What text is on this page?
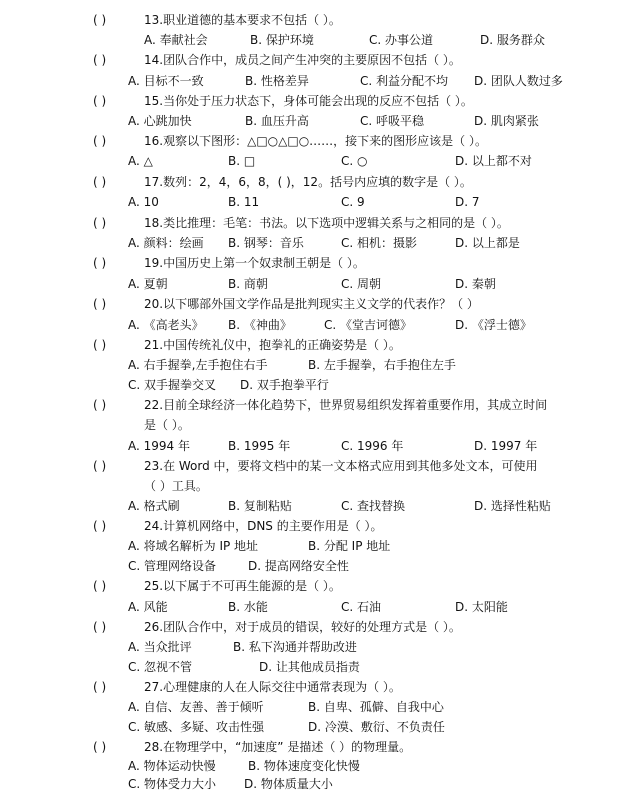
( )	13.职业道德的基本要求不包括（ ）。
A. 奉献社会	B. 保护环境	C. 办事公道	D. 服务群众
( )	14.团队合作中，成员之间产生冲突的主要原因不包括（ ）。
A. 目标不一致	B. 性格差异	C. 利益分配不均 D. 团队人数过多
( )	15.当你处于压力状态下，身体可能会出现的反应不包括（ ）。
A. 心跳加快	B. 血压升高	C. 呼吸平稳	D. 肌肉紧张
( )	16.观察以下图形：△□○△□○……，接下来的图形应该是（ ）。
A. △	B. □	C. ○	D. 以上都不对
( )	17.数列：2，4，6，8，( )，12。括号内应填的数字是（ ）。
A. 10	B. 11	C. 9	D. 7
( )	18.类比推理：毛笔：书法。以下选项中逻辑关系与之相同的是（ ）。
A. 颜料：绘画 B. 钢琴：音乐	C. 相机：摄影	D. 以上都是
( )	19.中国历史上第一个奴隶制王朝是（ ）。
A. 夏朝	B. 商朝	C. 周朝	D. 秦朝
( )	20.以下哪部外国文学作品是批判现实主义文学的代表作？（ ）
A. 《高老头》 B. 《神曲》	C. 《堂吉诃德》	D. 《浮士德》
( )	21.中国传统礼仪中，抱拳礼的正确姿势是（ ）。
A. 右手握拳,左手抱住右手	B. 左手握拳，右手抱住左手
C. 双手握拳交叉 D. 双手抱拳平行
( )	22.目前全球经济一体化趋势下，世界贸易组织发挥着重要作用，其成立时间
是（ ）。
A. 1994 年	B. 1995 年	C. 1996 年	D. 1997 年
( )	23.在 Word 中，要将文档中的某一文本格式应用到其他多处文本，可使用
（ ）工具。
A. 格式刷	B. 复制粘贴	C. 查找替换	D. 选择性粘贴
( )	24.计算机网络中，DNS 的主要作用是（ ）。
A. 将域名解析为 IP 地址	B. 分配 IP 地址
C. 管理网络设备	D. 提高网络安全性
( )	25.以下属于不可再生能源的是（ ）。
A. 风能	B. 水能	C. 石油	D. 太阳能
( )	26.团队合作中，对于成员的错误，较好的处理方式是（ ）。
A. 当众批评	B. 私下沟通并帮助改进
C. 忽视不管	D. 让其他成员指责
( )	27.心理健康的人在人际交往中通常表现为（ ）。
A. 自信、友善、善于倾听	B. 自卑、孤僻、自我中心
C. 敏感、多疑、攻击性强	D. 冷漠、敷衍、不负责任
( )	28.在物理学中，“加速度” 是描述（ ）的物理量。
A. 物体运动快慢	B. 物体速度变化快慢
C. 物体受力大小 D. 物体质量大小
